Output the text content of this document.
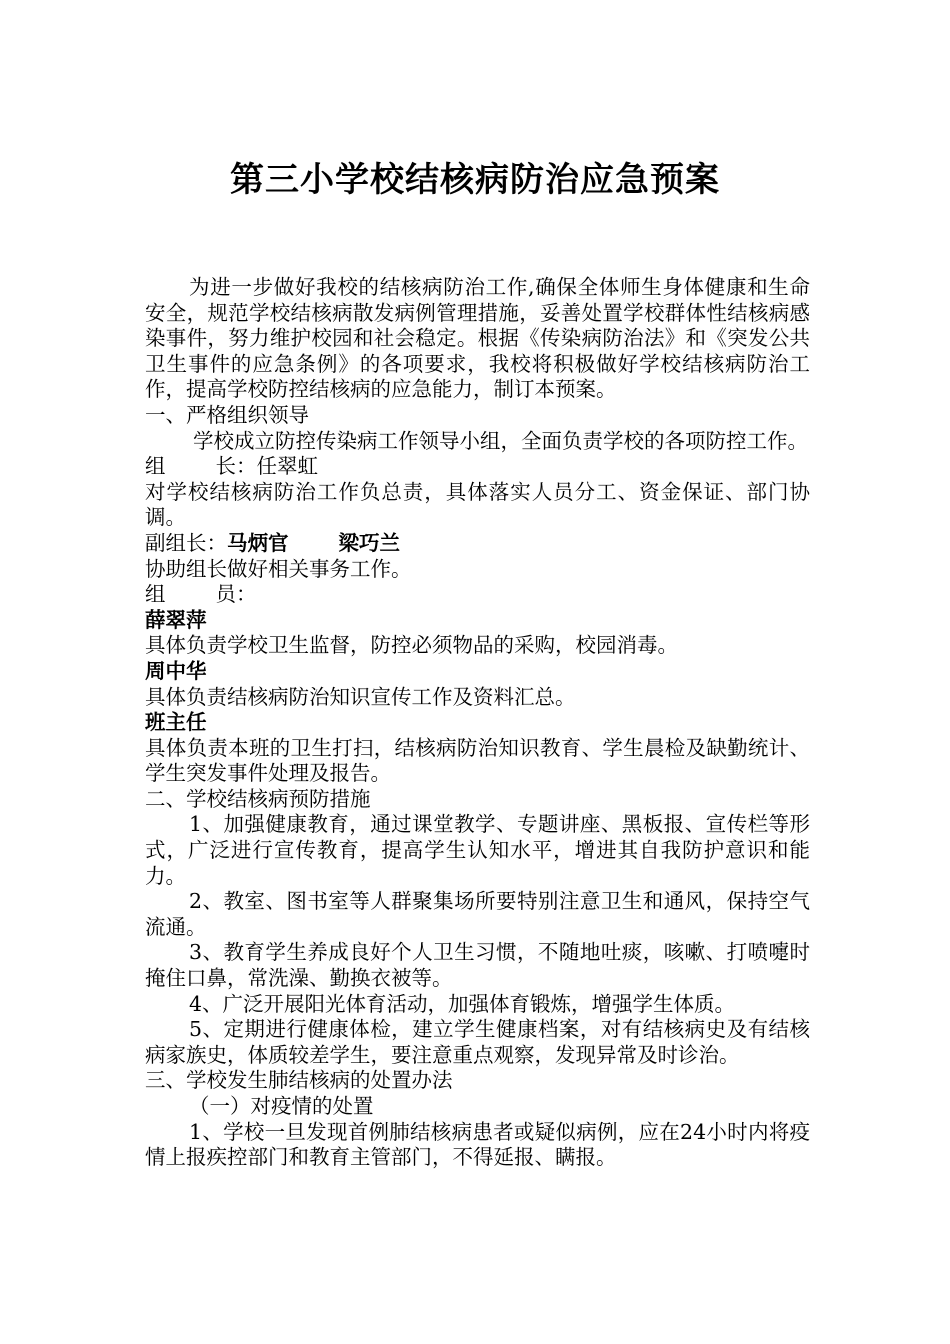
第三小学校结核病防治应急预案

为进一步做好我校的结核病防治工作,确保全体师生身体健康和生命安全，规范学校结核病散发病例管理措施，妥善处置学校群体性结核病感染事件，努力维护校园和社会稳定。根据《传染病防治法》和《突发公共卫生事件的应急条例》的各项要求，我校将积极做好学校结核病防治工作，提高学校防控结核病的应急能力，制订本预案。

一、严格组织领导

学校成立防控传染病工作领导小组，全面负责学校的各项防控工作。

组 长：任翠虹

对学校结核病防治工作负总责，具体落实人员分工、资金保证、部门协调。

副组长：马炳官 梁巧兰

协助组长做好相关事务工作。

组 员：

薛翠萍

具体负责学校卫生监督，防控必须物品的采购，校园消毒。

周中华

具体负责结核病防治知识宣传工作及资料汇总。

班主任

具体负责本班的卫生打扫，结核病防治知识教育、学生晨检及缺勤统计、学生突发事件处理及报告。

二、学校结核病预防措施

1、加强健康教育，通过课堂教学、专题讲座、黑板报、宣传栏等形式，广泛进行宣传教育，提高学生认知水平，增进其自我防护意识和能力。

2、教室、图书室等人群聚集场所要特别注意卫生和通风，保持空气流通。

3、教育学生养成良好个人卫生习惯，不随地吐痰，咳嗽、打喷嚏时掩住口鼻，常洗澡、勤换衣被等。

4、广泛开展阳光体育活动，加强体育锻炼，增强学生体质。

5、定期进行健康体检，建立学生健康档案，对有结核病史及有结核病家族史，体质较差学生，要注意重点观察，发现异常及时诊治。

三、学校发生肺结核病的处置办法

（一）对疫情的处置

1、学校一旦发现首例肺结核病患者或疑似病例，应在24小时内将疫情上报疾控部门和教育主管部门，不得延报、瞒报。
